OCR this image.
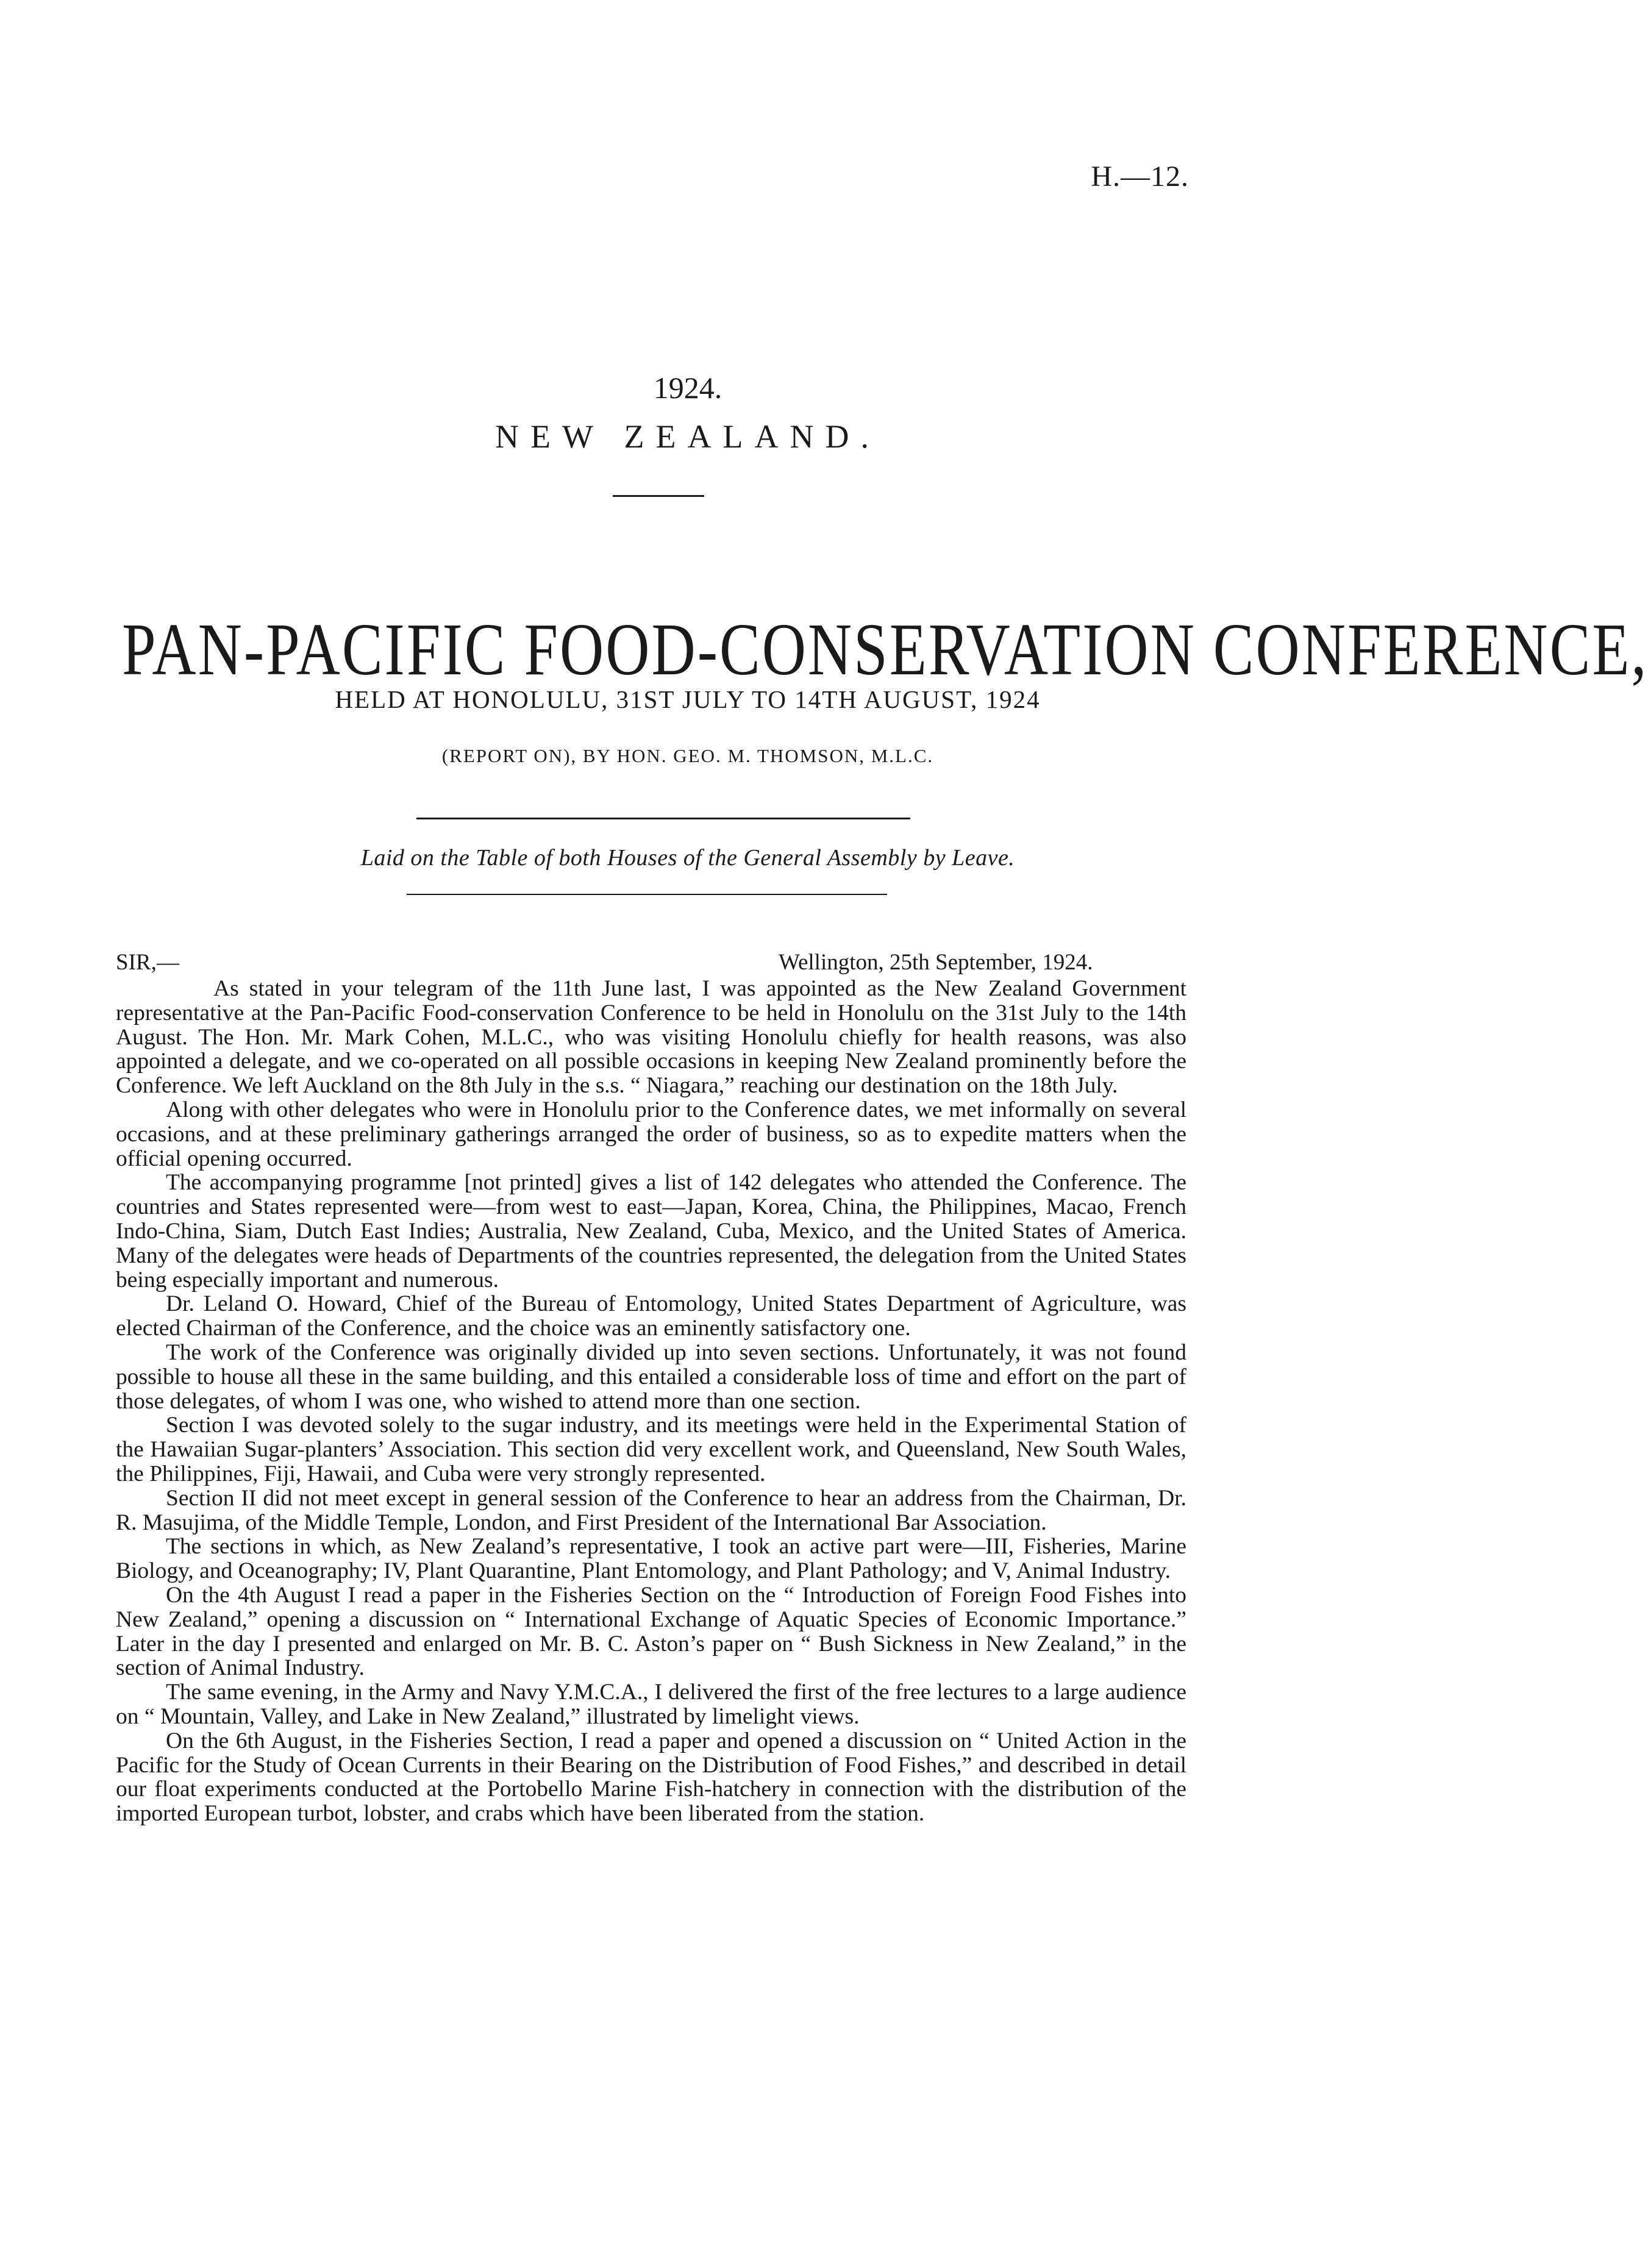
H.—12.
1924.
NEW ZEALAND.
PAN-PACIFIC FOOD-CONSERVATION CONFERENCE,
HELD AT HONOLULU, 31ST JULY TO 14TH AUGUST, 1924
(REPORT ON), BY HON. GEO. M. THOMSON, M.L.C.
Laid on the Table of both Houses of the General Assembly by Leave.
SIR,—	Wellington, 25th September, 1924.

As stated in your telegram of the 11th June last, I was appointed as the New Zealand Government representative at the Pan-Pacific Food-conservation Conference to be held in Honolulu on the 31st July to the 14th August. The Hon. Mr. Mark Cohen, M.L.C., who was visiting Honolulu chiefly for health reasons, was also appointed a delegate, and we co-operated on all possible occasions in keeping New Zealand prominently before the Conference. We left Auckland on the 8th July in the s.s. “ Niagara,” reaching our destination on the 18th July.

Along with other delegates who were in Honolulu prior to the Conference dates, we met informally on several occasions, and at these preliminary gatherings arranged the order of business, so as to expedite matters when the official opening occurred.

The accompanying programme [not printed] gives a list of 142 delegates who attended the Conference. The countries and States represented were—from west to east—Japan, Korea, China, the Philippines, Macao, French Indo-China, Siam, Dutch East Indies; Australia, New Zealand, Cuba, Mexico, and the United States of America. Many of the delegates were heads of Departments of the countries represented, the delegation from the United States being especially important and numerous.

Dr. Leland O. Howard, Chief of the Bureau of Entomology, United States Department of Agriculture, was elected Chairman of the Conference, and the choice was an eminently satisfactory one.

The work of the Conference was originally divided up into seven sections. Unfortunately, it was not found possible to house all these in the same building, and this entailed a considerable loss of time and effort on the part of those delegates, of whom I was one, who wished to attend more than one section.

Section I was devoted solely to the sugar industry, and its meetings were held in the Experimental Station of the Hawaiian Sugar-planters’ Association. This section did very excellent work, and Queensland, New South Wales, the Philippines, Fiji, Hawaii, and Cuba were very strongly represented.

Section II did not meet except in general session of the Conference to hear an address from the Chairman, Dr. R. Masujima, of the Middle Temple, London, and First President of the International Bar Association.

The sections in which, as New Zealand’s representative, I took an active part were—III, Fisheries, Marine Biology, and Oceanography; IV, Plant Quarantine, Plant Entomology, and Plant Pathology; and V, Animal Industry.

On the 4th August I read a paper in the Fisheries Section on the “ Introduction of Foreign Food Fishes into New Zealand,” opening a discussion on “ International Exchange of Aquatic Species of Economic Importance.” Later in the day I presented and enlarged on Mr. B. C. Aston’s paper on “ Bush Sickness in New Zealand,” in the section of Animal Industry.

The same evening, in the Army and Navy Y.M.C.A., I delivered the first of the free lectures to a large audience on “ Mountain, Valley, and Lake in New Zealand,” illustrated by limelight views.

On the 6th August, in the Fisheries Section, I read a paper and opened a discussion on “ United Action in the Pacific for the Study of Ocean Currents in their Bearing on the Distribution of Food Fishes,” and described in detail our float experiments conducted at the Portobello Marine Fish-hatchery in connection with the distribution of the imported European turbot, lobster, and crabs which have been liberated from the station.
